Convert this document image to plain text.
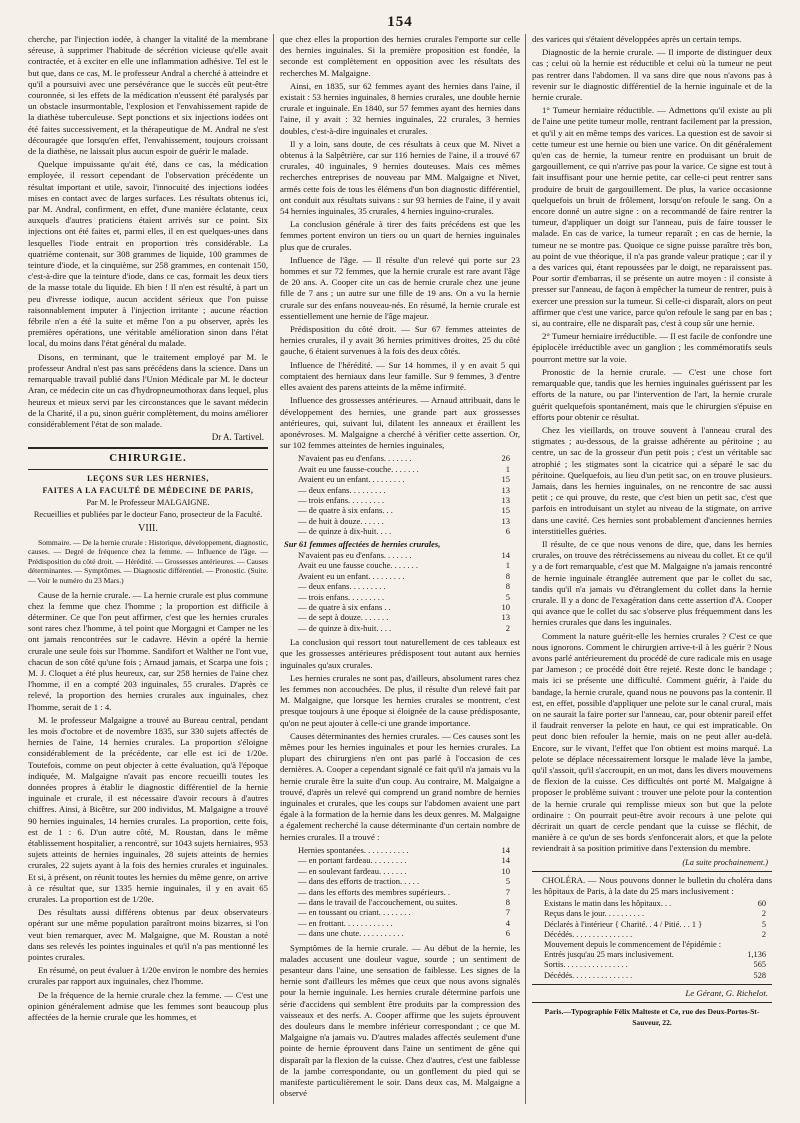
154

cherche, par l'injection iodée, à changer la vitalité de la membrane séreuse, à supprimer l'habitude de sécrétion vicieuse qu'elle avait contractée, et à exciter en elle une inflammation adhésive. Tel est le but que, dans ce cas, M. le professeur Andral a cherché à atteindre et qu'il a poursuivi avec une persévérance que le succès eût peut-être couronnée, si les effets de la médication n'eussent été paralysés par un obstacle insurmontable, l'explosion et l'envahissement rapide de la diathèse tuberculeuse. Sept ponctions et six injections iodées ont été faites successivement, et la thérapeutique de M. Andral ne s'est découragée que lorsqu'en effet, l'envahissement, toujours croissant de la diathèse, ne laissait plus aucun espoir de guérir le malade.

Quelque impuissante qu'ait été, dans ce cas, la médication employée, il ressort cependant de l'observation précédente un résultat important et utile, savoir, l'innocuité des injections iodées mises en contact avec de larges surfaces. Les résultats obtenus ici, par M. Andral, confirment, en effet, d'une manière éclatante, ceux auxquels d'autres praticiens étaient arrivés sur ce point. Six injections ont été faites et, parmi elles, il en est quelques-unes dans lesquelles l'iode entrait en proportion très considérable. La quatrième contenait, sur 308 grammes de liquide, 100 grammes de teinture d'iode, et la cinquième, sur 258 grammes, en contenait 150, c'est-à-dire que la teinture d'iode, dans ce cas, formait les deux tiers de la masse totale du liquide. Eh bien ! Il n'en est résulté, à part un peu d'ivresse iodique, aucun accident sérieux que l'on puisse raisonnablement imputer à l'injection irritante ; aucune réaction fébrile n'en a été la suite et même l'on a pu observer, après les premières opérations, une véritable amélioration sinon dans l'état local, du moins dans l'état général du malade.

Disons, en terminant, que le traitement employé par M. le professeur Andral n'est pas sans précédens dans la science. Dans un remarquable travail publié dans l'Union Médicale par M. le docteur Aran, ce médecin cite un cas d'hydropneumothorax dans lequel, plus heureux et mieux servi par les circonstances que le savant médecin de la Charité, il a pu, sinon guérir complètement, du moins améliorer considérablement l'état de son malade.

Dr A. Tartivel.
CHIRURGIE.
LEÇONS SUR LES HERNIES,
FAITES A LA FACULTÉ DE MÉDECINE DE PARIS,
Par M. le Professeur MALGAIGNE.
Recueillies et publiées par le docteur Fano, prosecteur de la Faculté.
VIII.
Sommaire. — De la hernie crurale : Historique, développement, diagnostic, causes. — Degré de fréquence chez la femme. — Influence de l'âge. — Prédisposition du côté droit. — Hérédité. — Grossesses antérieures. — Causes déterminantes. — Symptômes. — Diagnostic différentiel. — Pronostic. (Suite. — Voir le numéro du 23 Mars.)

Cause de la hernie crurale. — La hernie crurale est plus commune chez la femme que chez l'homme ; la proportion est difficile à déterminer. Ce que l'on peut affirmer, c'est que les hernies crurales sont rares chez l'homme, à tel point que Morgagni et Camper ne les ont jamais rencontrées sur le cadavre. Hévin a opéré la hernie crurale une seule fois sur l'homme. Sandifort et Walther ne l'ont vue, chacun de son côté qu'une fois ; Arnaud jamais, et Scarpa une fois ; M. J. Cloquet a été plus heureux, car, sur 258 hernies de l'aine chez l'homme, il en a compté 203 inguinales, 55 crurales. D'après ce relevé, la proportion des hernies crurales aux inguinales, chez l'homme, serait de 1 : 4.

M. le professeur Malgaigne a trouvé au Bureau central, pendant les mois d'octobre et de novembre 1835, sur 330 sujets affectés de hernies de l'aine, 14 hernies crurales. La proportion s'éloigne considérablement de la précédente, car elle est ici de 1/20e. Toutefois, comme on peut objecter à cette évaluation, qu'à l'époque indiquée, M. Malgaigne n'avait pas encore recueilli toutes les données propres à établir le diagnostic différentiel de la hernie inguinale et crurale, il est nécessaire d'avoir recours à d'autres chiffres. Ainsi, à Bicêtre, sur 200 individus, M. Malgaigne a trouvé 90 hernies inguinales, 14 hernies crurales. La proportion, cette fois, est de 1 : 6. D'un autre côté, M. Roustan, dans le même établissement hospitalier, a rencontré, sur 1043 sujets herniaires, 953 sujets atteints de hernies inguinales, 28 sujets atteints de hernies crurales, 22 sujets ayant à la fois des hernies crurales et inguinales. Et si, à présent, on réunit toutes les hernies du même genre, on arrive à ce résultat que, sur 1335 hernie inguinales, il y en avait 65 crurales. La proportion est de 1/20e.

Des résultats aussi différens obtenus par deux observateurs opérant sur une même population paraîtront moins bizarres, si l'on veut bien remarquer, avec M. Malgaigne, que M. Roustan a noté dans ses relevés les pointes inguinales et qu'il n'a pas mentionné les pointes crurales.

En résumé, on peut évaluer à 1/20e environ le nombre des hernies crurales par rapport aux inguinales, chez l'homme.

De la fréquence de la hernie crurale chez la femme. — C'est une opinion généralement admise que les femmes sont beaucoup plus affectées de la hernie crurale que les hommes, et

que chez elles la proportion des hernies crurales l'emporte sur celle des hernies inguinales. Si la première proposition est fondée, la seconde est complètement en opposition avec les résultats des recherches M. Malgaigne.

Ainsi, en 1835, sur 62 femmes ayant des hernies dans l'aine, il existait : 53 hernies inguinales, 8 hernies crurales, une double hernie crurale et inguinale. En 1840, sur 57 femmes ayant des hernies dans l'aine, il y avait : 32 hernies inguinales, 22 crurales, 3 hernies doubles, c'est-à-dire inguinales et crurales.

Il y a loin, sans doute, de ces résultats à ceux que M. Nivet a obtenus à la Salpêtrière, car sur 116 hernies de l'aine, il a trouvé 67 crurales, 40 inguinales, 9 hernies douteuses. Mais ces mêmes recherches entreprises de nouveau par MM. Malgaigne et Nivet, armés cette fois de tous les élémens d'un bon diagnostic différentiel, ont conduit aux résultats suivans : sur 93 hernies de l'aine, il y avait 54 hernies inguinales, 35 crurales, 4 hernies inguino-crurales.

La conclusion générale à tirer des faits précédens est que les femmes portent environ un tiers ou un quart de hernies inguinales plus que de crurales.

Influence de l'âge. — Il résulte d'un relevé qui porte sur 23 hommes et sur 72 femmes, que la hernie crurale est rare avant l'âge de 20 ans. A. Cooper cite un cas de hernie crurale chez une jeune fille de 7 ans ; un autre sur une fille de 19 ans. On a vu la hernie crurale sur des enfans nouveau-nés. En résumé, la hernie crurale est essentiellement une hernie de l'âge majeur.

Prédisposition du côté droit. — Sur 67 femmes atteintes de hernies crurales, il y avait 36 hernies primitives droites, 25 du côté gauche, 6 étaient survenues à la fois des deux côtés.

Influence de l'hérédité. — Sur 14 hommes, il y en avait 5 qui comptaient des herniaux dans leur famille. Sur 9 femmes, 3 d'entre elles avaient des parens atteints de la même infirmité.

Influence des grossesses antérieures. — Arnaud attribuait, dans le développement des hernies, une grande part aux grossesses antérieures, qui, suivant lui, dilatent les anneaux et éraillent les aponévroses. M. Malgaigne a cherché à vérifier cette assertion. Or, sur 102 femmes atteintes de hernies inguinales,

N'avaient pas eu d'enfans. . . . . . .	26
Avait eu une fausse-couche. . . . . . .	1
Avaient eu un enfant. . . . . . . . .	15
— deux enfans. . . . . . . . .	13
— trois enfans. . . . . . . . .	13
— de quatre à six enfans. . .	15
— de huit à douze. . . . . .	13
— de quinze à dix-huit. . . .	6
Sur 61 femmes affectées de hernies crurales,
N'avaient pas eu d'enfans. . . . . . .	14
Avait eu une fausse couche. . . . . . .	1
Avaient eu un enfant. . . . . . . . .	8
— deux enfans. . . . . . . . .	8
— trois enfans. . . . . . . . .	5
— de quatre à six enfans . .	10
— de sept à douze. . . . . . .	13
— de quinze à dix-huit. . . .	2

La conclusion qui ressort tout naturellement de ces tableaux est que les grossesses antérieures prédisposent tout autant aux hernies inguinales qu'aux crurales.

Les hernies crurales ne sont pas, d'ailleurs, absolument rares chez les femmes non accouchées. De plus, il résulte d'un relevé fait par M. Malgaigne, que lorsque les hernies crurales se montrent, c'est presque toujours à une époque si éloignée de la cause prédisposante, qu'on ne peut ajouter à celle-ci une grande importance.

Causes déterminantes des hernies crurales. — Ces causes sont les mêmes pour les hernies inguinales et pour les hernies crurales. La plupart des chirurgiens n'en ont pas parlé à l'occasion de ces dernières. A. Cooper a cependant signalé ce fait qu'il n'a jamais vu la hernie crurale être la suite d'un coup. Au contraire, M. Malgaigne a trouvé, d'après un relevé qui comprend un grand nombre de hernies inguinales et crurales, que les coups sur l'abdomen avaient une part égale à la formation de la hernie dans les deux genres. M. Malgaigne a également recherché la cause déterminante d'un certain nombre de hernies crurales. Il a trouvé :

Hernies spontanées. . . . . . . . . . .	14
— en portant fardeau. . . . . . . . .	14
— en soulevant fardeau. . . . . . .	10
— dans des efforts de traction. . . . .	5
— dans les efforts des membres supérieurs. .	7
— dans le travail de l'accouchement, ou suites.	8
— en toussant ou criant. . . . . . . .	7
— en frottant. . . . . . . . . . . .	4
— dans une chute. . . . . . . . . . .	6

Symptômes de la hernie crurale. — Au début de la hernie, les malades accusent une douleur vague, sourde ; un sentiment de pesanteur dans l'aine, une sensation de faiblesse. Les signes de la hernie sont d'ailleurs les mêmes que ceux que nous avons signalés pour la hernie inguinale. Les hernies crurale détermine parfois une série d'accidens qui semblent être produits par la compression des vaisseaux et des nerfs. A. Cooper affirme que les sujets éprouvent des douleurs dans le membre inférieur correspondant ; ce que M. Malgaigne n'a jamais vu. D'autres malades affectés seulement d'une pointe de hernie éprouvent dans l'aine un sentiment de gêne qui disparaît par la flexion de la cuisse. Chez d'autres, c'est une faiblesse de la jambe correspondante, ou un gonflement du pied qui se manifeste particulièrement le soir. Dans deux cas, M. Malgaigne a observé

des varices qui s'étaient développées après un certain temps.

Diagnostic de la hernie crurale. — Il importe de distinguer deux cas ; celui où la hernie est réductible et celui où la tumeur ne peut pas rentrer dans l'abdomen. Il va sans dire que nous n'avons pas à revenir sur le diagnostic différentiel de la hernie inguinale et de la hernie crurale.

1° Tumeur herniaire réductible. — Admettons qu'il existe au pli de l'aine une petite tumeur molle, rentrant facilement par la pression, et qu'il y ait en même temps des varices. La question est de savoir si cette tumeur est une hernie ou bien une varice. On dit généralement qu'en cas de hernie, la tumeur rentre en produisant un bruit de gargouillement, ce qui n'arrive pas pour la varice. Ce signe est tout à fait insuffisant pour une hernie petite, car celle-ci peut rentrer sans produire de bruit de gargouillement. De plus, la varice occasionne quelquefois un bruit de frôlement, lorsqu'on refoule le sang. On a encore donné un autre signe : on a recommandé de faire rentrer la tumeur, d'appliquer un doigt sur l'anneau, puis de faire tousser le malade. En cas de varice, la tumeur reparaît ; en cas de hernie, la tumeur ne se montre pas. Quoique ce signe puisse paraître très bon, au point de vue théorique, il n'a pas grande valeur pratique ; car il y a des varices qui, étant repoussées par le doigt, ne reparaissent pas. Pour sortir d'embarras, il se présente un autre moyen : il consiste à presser sur l'anneau, de façon à empêcher la tumeur de rentrer, puis à exercer une pression sur la tumeur. Si celle-ci disparaît, alors on peut affirmer que c'est une varice, parce qu'on refoule le sang par en bas ; si, au contraire, elle ne disparaît pas, c'est à coup sûr une hernie.

2° Tumeur herniaire irréductible. — Il est facile de confondre une épiplocèle irréductible avec un ganglion ; les commémoratifs seuls pourront mettre sur la voie.

Pronostic de la hernie crurale. — C'est une chose fort remarquable que, tandis que les hernies inguinales guérissent par les efforts de la nature, ou par l'intervention de l'art, la hernie crurale guérit quelquefois spontanément, mais que le chirurgien s'épuise en efforts pour obtenir ce résultat.

Chez les vieillards, on trouve souvent à l'anneau crural des stigmates ; au-dessous, de la graisse adhérente au péritoine ; au centre, un sac de la grosseur d'un petit pois ; c'est un véritable sac atrophié ; les stigmates sont la cicatrice qui a séparé le sac du péritoine. Quelquefois, au lieu d'un petit sac, on en trouve plusieurs. Jamais, dans les hernies inguinales, on ne rencontre de sac aussi petit ; ce qui prouve, du reste, que c'est bien un petit sac, c'est que parfois en introduisant un stylet au niveau de la stigmate, on arrive dans une cavité. Ces hernies sont probablement d'anciennes hernies interstitielles guéries.

Il résulte, de ce que nous venons de dire, que, dans les hernies crurales, on trouve des rétrécissemens au niveau du collet. Et ce qu'il y a de fort remarquable, c'est que M. Malgaigne n'a jamais rencontré de hernie inguinale étranglée autrement que par le collet du sac, tandis qu'il n'a jamais vu d'étranglement du collet dans la hernie crurale. Il y a donc de l'exagération dans cette assertion d'A. Cooper qui avance que le collet du sac s'observe plus fréquemment dans les hernies crurales que dans les inguinales.

Comment la nature guérit-elle les hernies crurales ? C'est ce que nous ignorons. Comment le chirurgien arrive-t-il à les guérir ? Nous avons parlé antérieurement du procédé de cure radicale mis en usage par Jameson ; ce procédé doit être rejeté. Reste donc le bandage ; mais ici se présente une difficulté. Comment guérir, à l'aide du bandage, la hernie crurale, quand nous ne pouvons pas la contenir. Il est, en effet, possible d'appliquer une pelote sur le canal crural, mais on ne saurait la faire porter sur l'anneau, car, pour obtenir pareil effet il faudrait renverser la pelote en haut, ce qui est impraticable. On peut donc bien refouler la hernie, mais on ne peut aller au-delà. Encore, sur le vivant, l'effet que l'on obtient est moins marqué. La pelote se déplace nécessairement lorsque le malade lève la jambe, qu'il s'assoit, qu'il s'accroupit, en un mot, dans les divers mouvemens de flexion de la cuisse. Ces difficultés ont porté M. Malgaigne à proposer le problème suivant : trouver une pelote pour la contention de la hernie crurale qui remplisse mieux son but que la pelote ordinaire : On pourrait peut-être avoir recours à une pelote qui décrirait un quart de cercle pendant que la cuisse se fléchit, de manière à ce qu'un de ses bords s'enfoncerait alors, et que la pelote reviendrait à sa position primitive dans l'extension du membre.

(La suite prochainement.)

CHOLÉRA. — Nous pouvons donner le bulletin du choléra dans les hôpitaux de Paris, à la date du 25 mars inclusivement :

Existans le matin dans les hôpitaux. . .	60
Reçus dans le jour. . . . . . . . . .	2
Déclarés à l'intérieur { Charité. . 4 / Pitié. . . 1 }	5
Décédés. . . . . . . . . . . . . . .	2
Mouvement depuis le commencement de l'épidémie :
Entrés jusqu'au 25 mars inclusivement.	1,136
Sortis. . . . . . . . . . . . . . . .	565
Décédés. . . . . . . . . . . . . . .	528
Le Gérant, G. Richelot.
Paris.—Typographie Félix Malteste et Ce, rue des Deux-Portes-St-Sauveur, 22.
